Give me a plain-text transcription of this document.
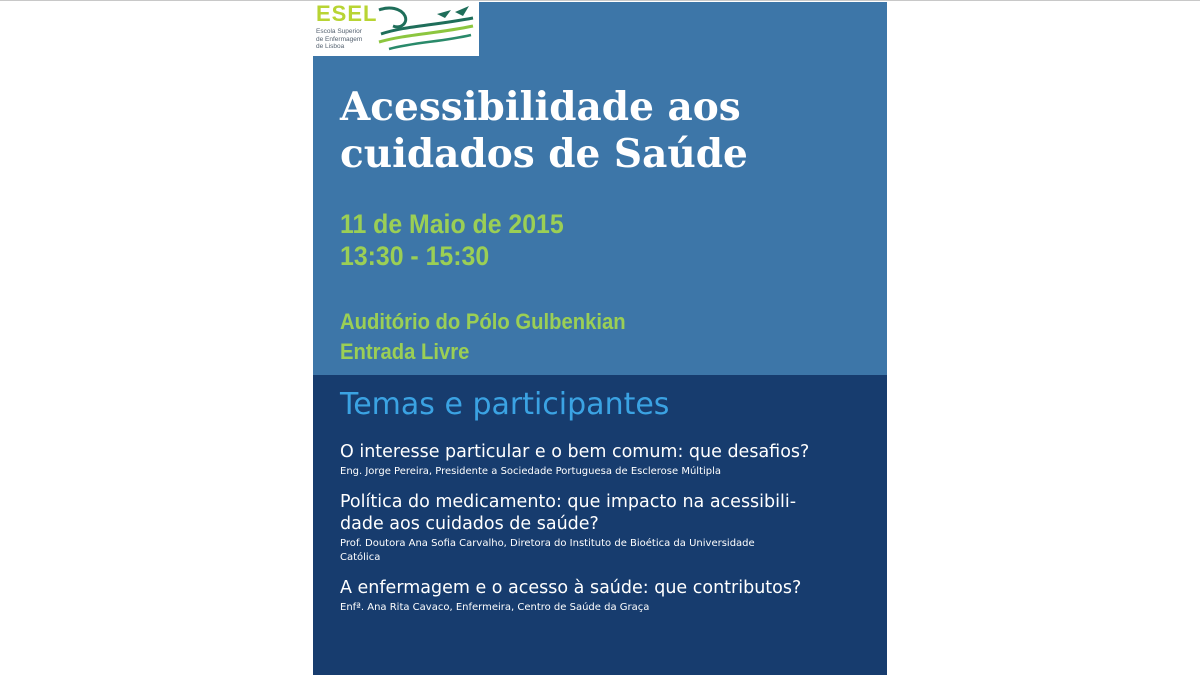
ESEL
Escola Superior
de Enfermagem
de Lisboa
Acessibilidade aos
cuidados de Saúde
11 de Maio de 2015
13:30 - 15:30
Auditório do Pólo Gulbenkian
Entrada Livre
Temas e participantes
O interesse particular e o bem comum: que desafios?
Eng. Jorge Pereira, Presidente a Sociedade Portuguesa de Esclerose Múltipla
Política do medicamento: que impacto na acessibili-
dade aos cuidados de saúde?
Prof. Doutora Ana Sofia Carvalho, Diretora do Instituto de Bioética da Universidade
Católica
A enfermagem e o acesso à saúde: que contributos?
Enfª. Ana Rita Cavaco, Enfermeira, Centro de Saúde da Graça
